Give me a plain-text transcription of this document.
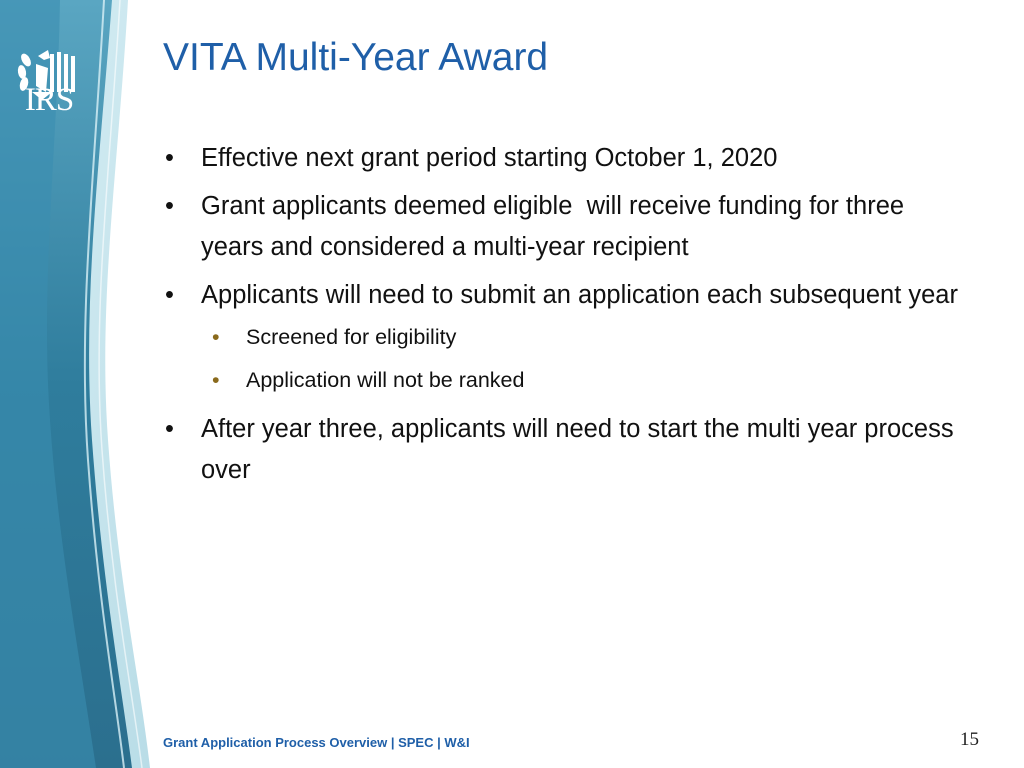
IRS
VITA Multi-Year Award
• Effective next grant period starting October 1, 2020
• Grant applicants deemed eligible  will receive funding for three years and considered a multi-year recipient
• Applicants will need to submit an application each subsequent year
• Screened for eligibility
• Application will not be ranked
• After year three, applicants will need to start the multi year process over
Grant Application Process Overview | SPEC | W&I	15
